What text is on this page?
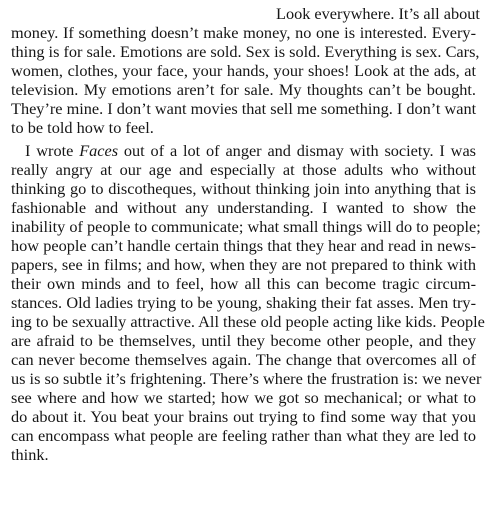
Look everywhere. It’s all about

money. If something doesn’t make money, no one is interested. Every-

thing is for sale. Emotions are sold. Sex is sold. Everything is sex. Cars,

women, clothes, your face, your hands, your shoes! Look at the ads, at

television. My emotions aren’t for sale. My thoughts can’t be bought.

They’re mine. I don’t want movies that sell me something. I don’t want

to be told how to feel.

I wrote Faces out of a lot of anger and dismay with society. I was

really angry at our age and especially at those adults who without

thinking go to discotheques, without thinking join into anything that is

fashionable and without any understanding. I wanted to show the

inability of people to communicate; what small things will do to people;

how people can’t handle certain things that they hear and read in news-

papers, see in films; and how, when they are not prepared to think with

their own minds and to feel, how all this can become tragic circum-

stances. Old ladies trying to be young, shaking their fat asses. Men try-

ing to be sexually attractive. All these old people acting like kids. People

are afraid to be themselves, until they become other people, and they

can never become themselves again. The change that overcomes all of

us is so subtle it’s frightening. There’s where the frustration is: we never

see where and how we started; how we got so mechanical; or what to

do about it. You beat your brains out trying to find some way that you

can encompass what people are feeling rather than what they are led to

think.
